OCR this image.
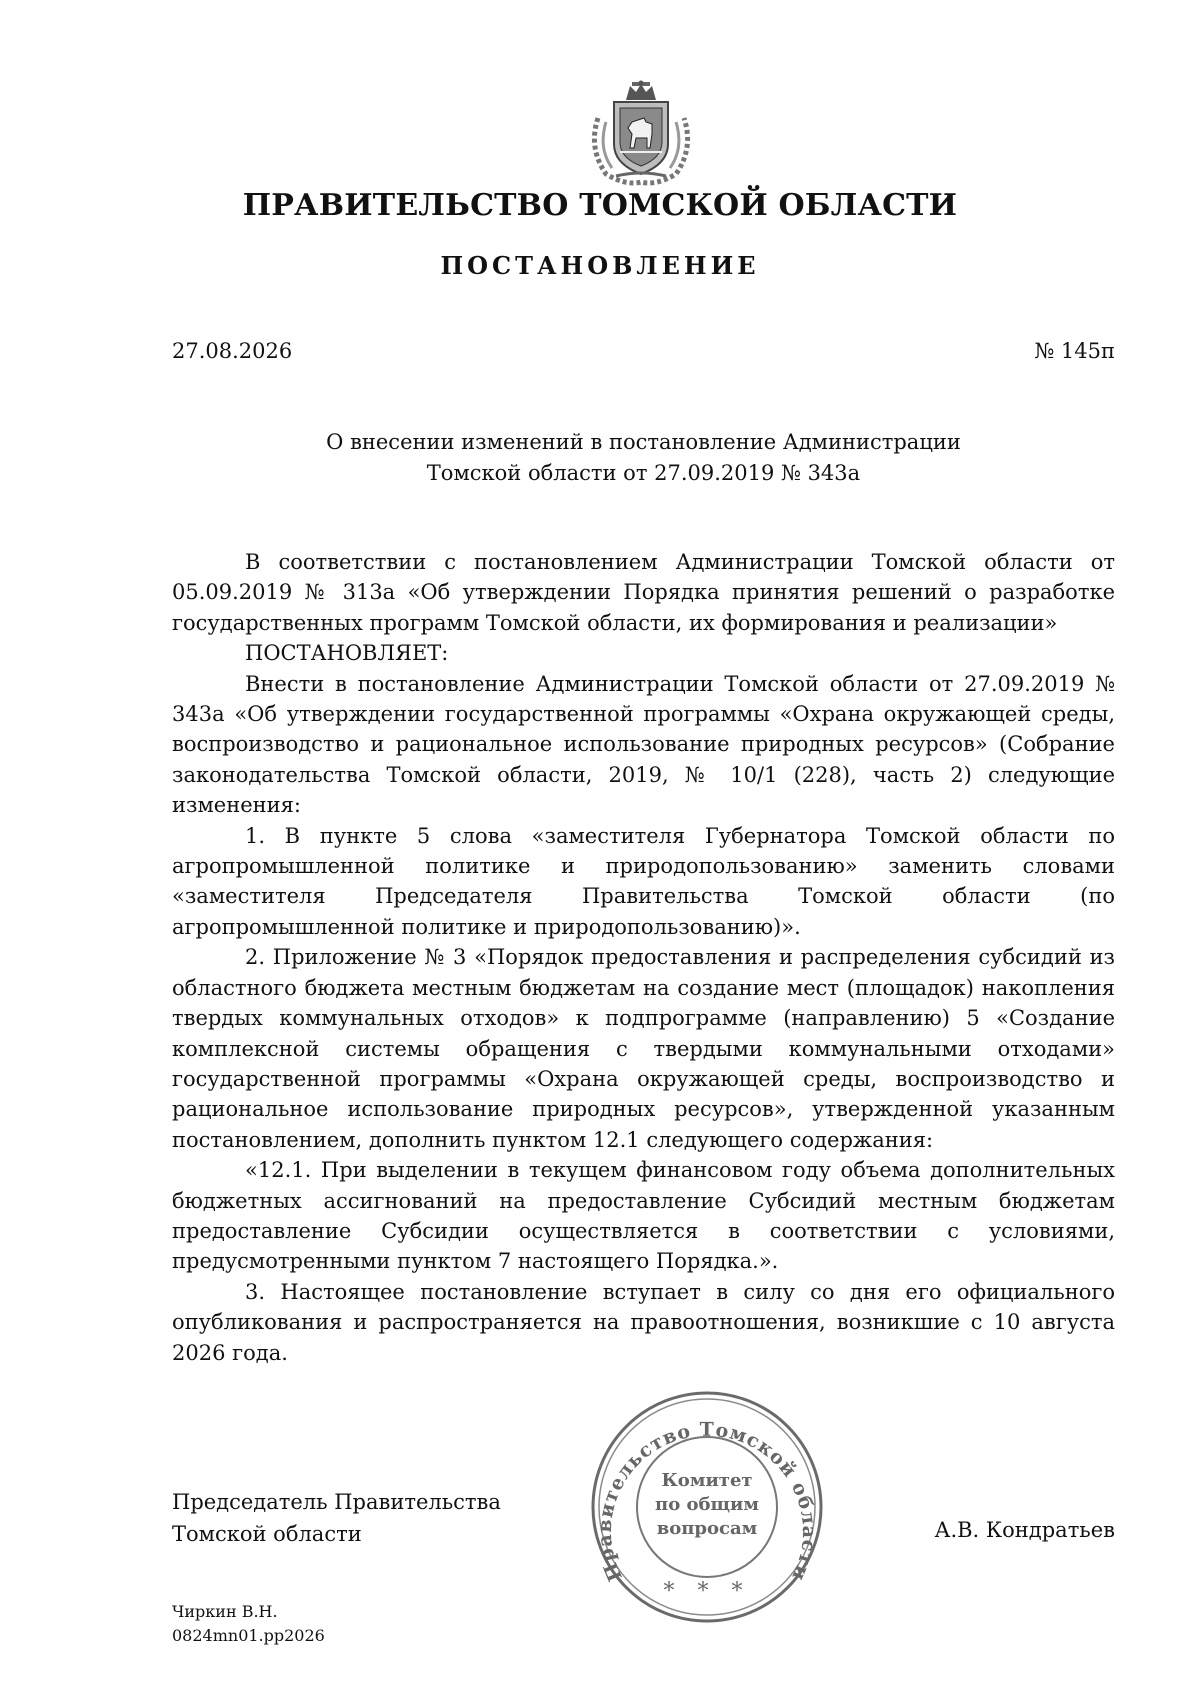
ПРАВИТЕЛЬСТВО ТОМСКОЙ ОБЛАСТИ
ПОСТАНОВЛЕНИЕ
27.08.2026	№ 145п
О внесении изменений в постановление Администрации
Томской области от 27.09.2019 № 343а

В соответствии с постановлением Администрации Томской области от 05.09.2019 № 313а «Об утверждении Порядка принятия решений о разработке государственных программ Томской области, их формирования и реализации»

ПОСТАНОВЛЯЕТ:

Внести в постановление Администрации Томской области от 27.09.2019 № 343а «Об утверждении государственной программы «Охрана окружающей среды, воспроизводство и рациональное использование природных ресурсов» (Собрание законодательства Томской области, 2019, № 10/1 (228), часть 2) следующие изменения:

1. В пункте 5 слова «заместителя Губернатора Томской области по агропромышленной политике и природопользованию» заменить словами «заместителя Председателя Правительства Томской области (по агропромышленной политике и природопользованию)».

2. Приложение № 3 «Порядок предоставления и распределения субсидий из областного бюджета местным бюджетам на создание мест (площадок) накопления твердых коммунальных отходов» к подпрограмме (направлению) 5 «Создание комплексной системы обращения с твердыми коммунальными отходами» государственной программы «Охрана окружающей среды, воспроизводство и рациональное использование природных ресурсов», утвержденной указанным постановлением, дополнить пунктом 12.1 следующего содержания:

«12.1. При выделении в текущем финансовом году объема дополнительных бюджетных ассигнований на предоставление Субсидий местным бюджетам предоставление Субсидии осуществляется в соответствии с условиями, предусмотренными пунктом 7 настоящего Порядка.».

3. Настоящее постановление вступает в силу со дня его официального опубликования и распространяется на правоотношения, возникшие с 10 августа 2026 года.

Председатель Правительства
Томской области
Правительство Томской области
Комитет
по общим
вопросам
* * *
А.В. Кондратьев
Чиркин В.Н.
0824mn01.pp2026
